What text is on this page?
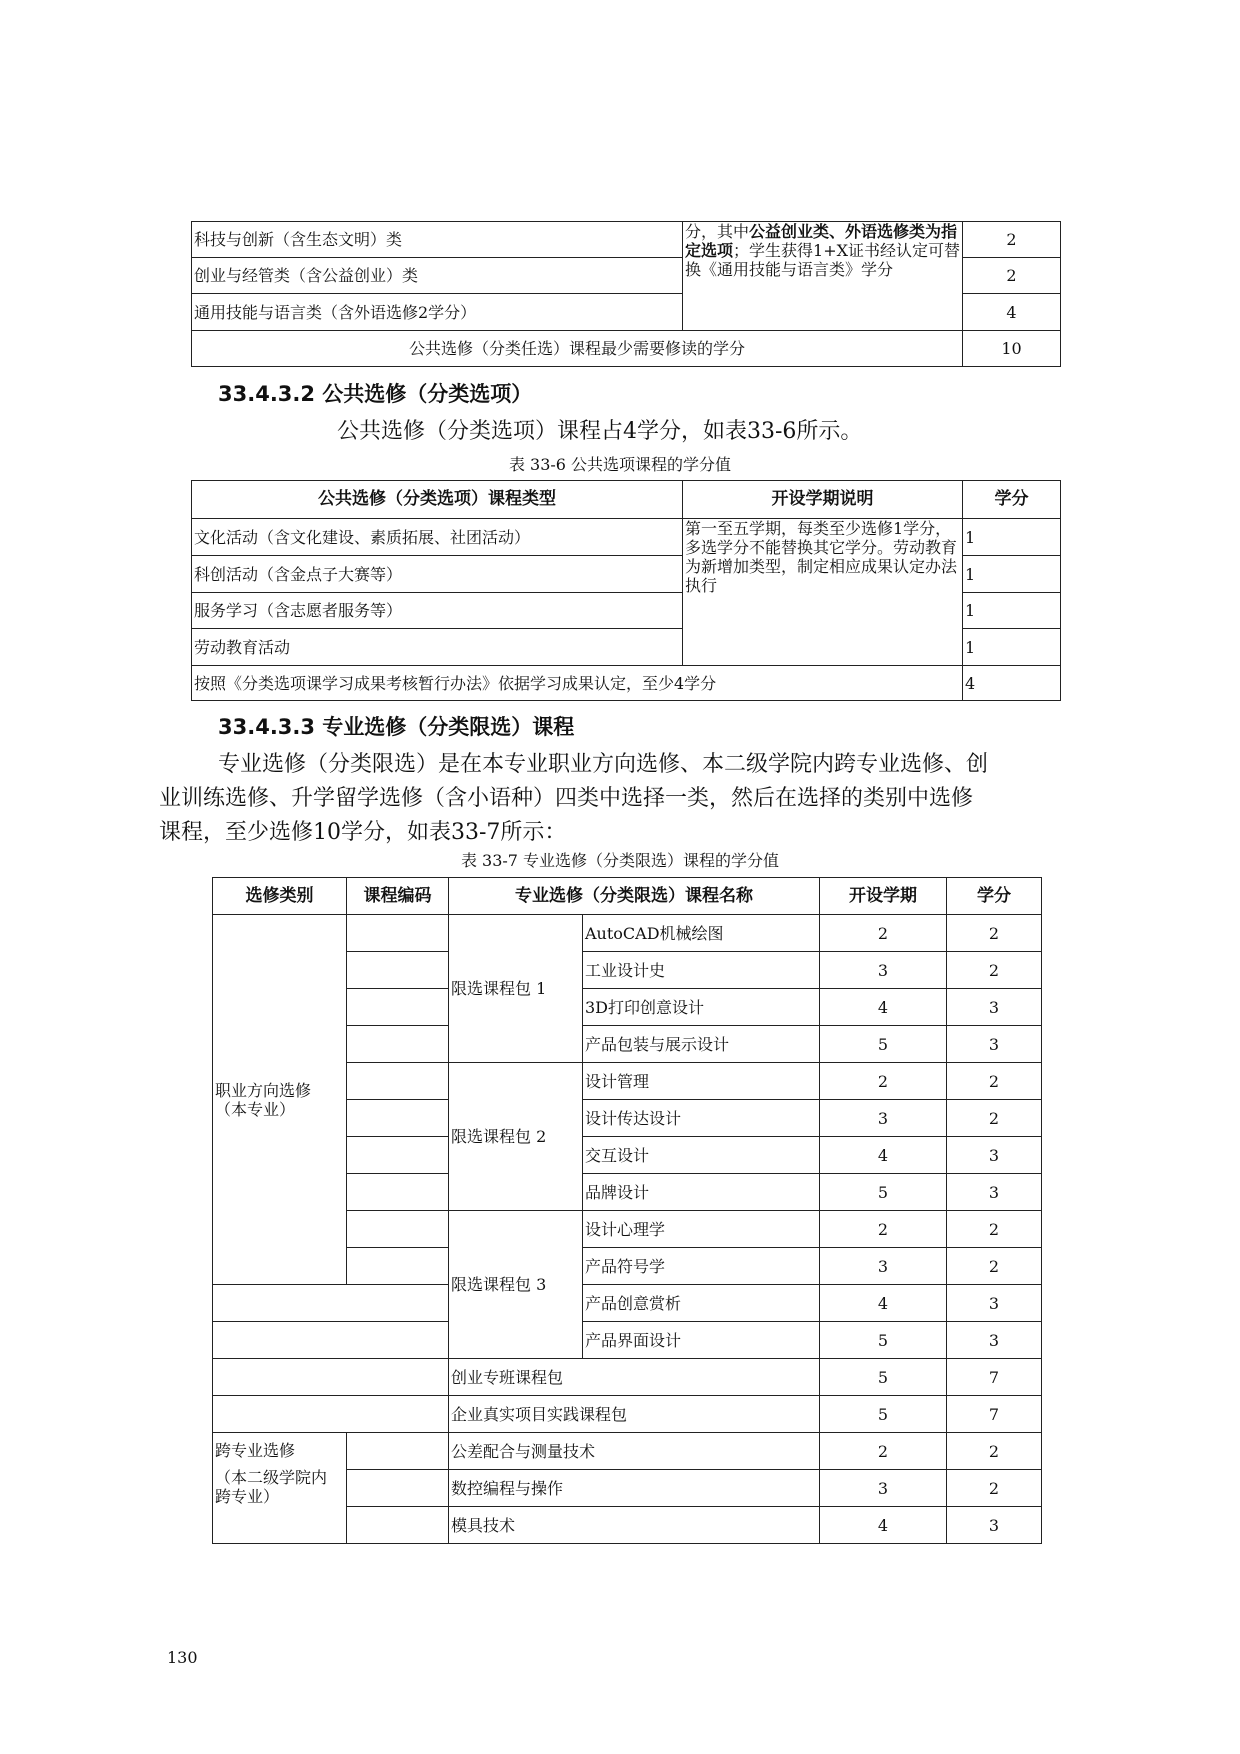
科技与创新（含生态文明）类	分，其中公益创业类、外语选修类为指定选项；学生获得1+X证书经认定可替换《通用技能与语言类》学分	2
创业与经管类（含公益创业）类		2
通用技能与语言类（含外语选修2学分）		4
公共选修（分类任选）课程最少需要修读的学分		10
33.4.3.2 公共选修（分类选项）
公共选修（分类选项）课程占4学分，如表33-6所示。
表 33-6 公共选项课程的学分值
公共选修（分类选项）课程类型	开设学期说明	学分
文化活动（含文化建设、素质拓展、社团活动）	第一至五学期，每类至少选修1学分，多选学分不能替换其它学分。劳动教育为新增加类型，制定相应成果认定办法执行	1
科创活动（含金点子大赛等）		1
服务学习（含志愿者服务等）		1
劳动教育活动		1
按照《分类选项课学习成果考核暂行办法》依据学习成果认定，至少4学分		4
33.4.3.3 专业选修（分类限选）课程
专业选修（分类限选）是在本专业职业方向选修、本二级学院内跨专业选修、创
业训练选修、升学留学选修（含小语种）四类中选择一类，然后在选择的类别中选修
课程，至少选修10学分，如表33-7所示：
表 33-7 专业选修（分类限选）课程的学分值
选修类别	课程编码	专业选修（分类限选）课程名称		开设学期	学分

职业方向选修
（本专业）		限选课程包 1	AutoCAD机械绘图	2	2
			工业设计史	3	2
			3D打印创意设计	4	3
			产品包装与展示设计	5	3
		限选课程包 2	设计管理	2	2
			设计传达设计	3	2
			交互设计	4	3
			品牌设计	5	3
		限选课程包 3	设计心理学	2	2
			产品符号学	3	2
			产品创意赏析	4	3
			产品界面设计	5	3
		创业专班课程包		5	7
		企业真实项目实践课程包		5	7

跨专业选修
（本二级学院内
跨专业）		公差配合与测量技术		2	2
		数控编程与操作		3	2
		模具技术		4	3
130
